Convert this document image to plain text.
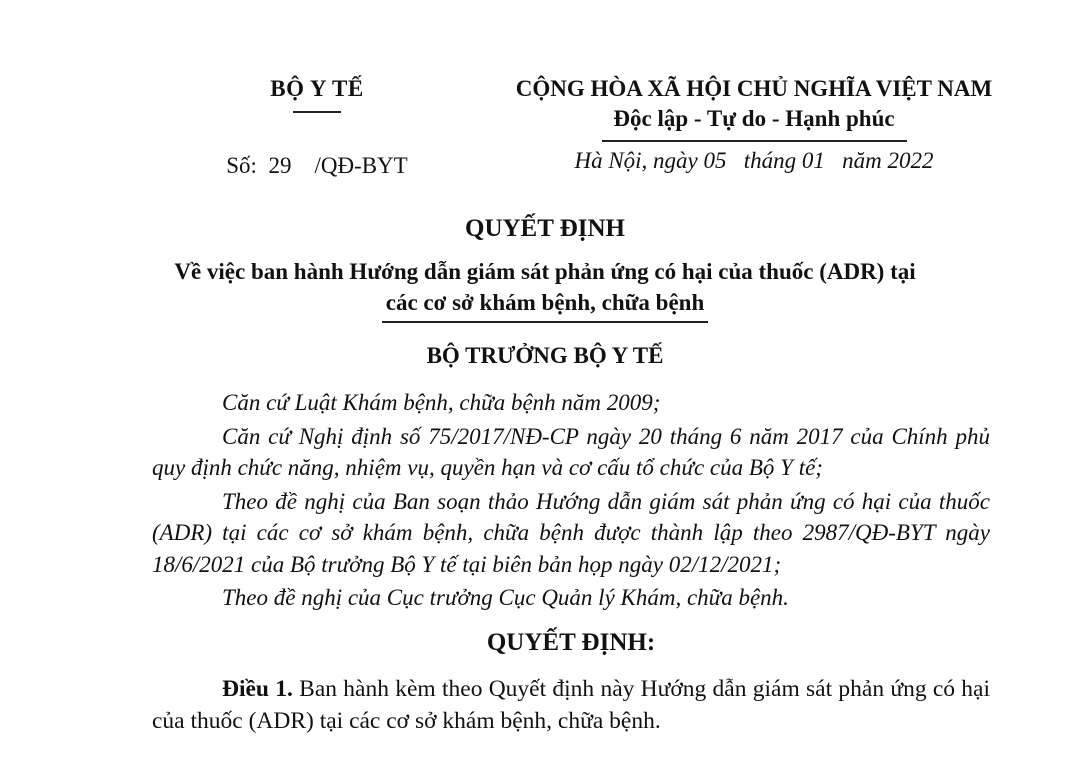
BỘ Y TẾ
Số:  29    /QĐ-BYT
CỘNG HÒA XÃ HỘI CHỦ NGHĨA VIỆT NAM
Độc lập - Tự do - Hạnh phúc
Hà Nội, ngày 05   tháng 01   năm 2022
QUYẾT ĐỊNH
Về việc ban hành Hướng dẫn giám sát phản ứng có hại của thuốc (ADR) tại
các cơ sở khám bệnh, chữa bệnh
BỘ TRƯỞNG BỘ Y TẾ

Căn cứ Luật Khám bệnh, chữa bệnh năm 2009;

Căn cứ Nghị định số 75/2017/NĐ-CP ngày 20 tháng 6 năm 2017 của Chính phủ quy định chức năng, nhiệm vụ, quyền hạn và cơ cấu tổ chức của Bộ Y tế;

Theo đề nghị của Ban soạn thảo Hướng dẫn giám sát phản ứng có hại của thuốc (ADR) tại các cơ sở khám bệnh, chữa bệnh được thành lập theo 2987/QĐ-BYT ngày 18/6/2021 của Bộ trưởng Bộ Y tế tại biên bản họp ngày 02/12/2021;

Theo đề nghị của Cục trưởng Cục Quản lý Khám, chữa bệnh.

QUYẾT ĐỊNH:

Điều 1. Ban hành kèm theo Quyết định này Hướng dẫn giám sát phản ứng có hại của thuốc (ADR) tại các cơ sở khám bệnh, chữa bệnh.
